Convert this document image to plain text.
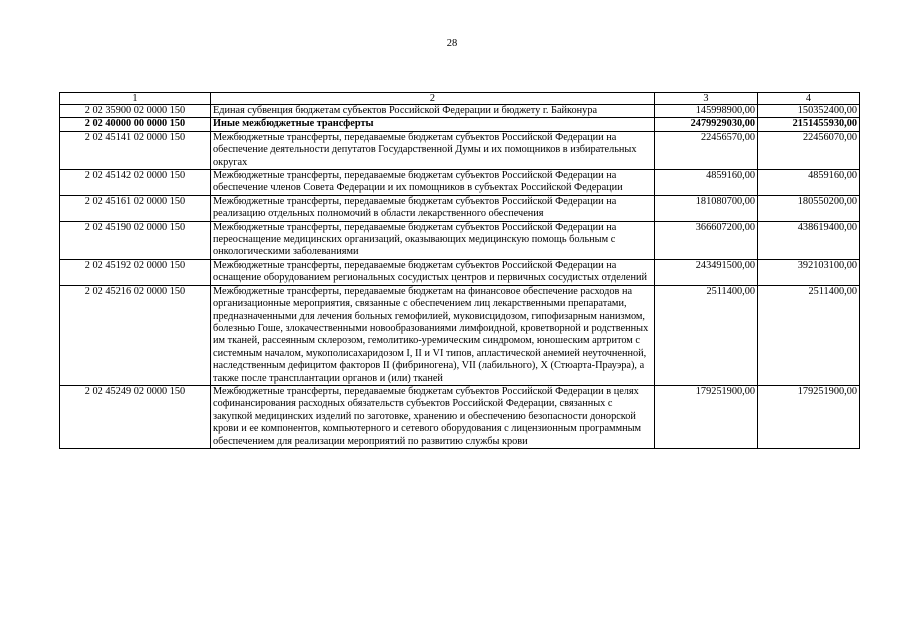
28
1	2	3	4
2 02 35900 02 0000 150	Единая субвенция бюджетам субъектов Российской Федерации и бюджету г. Байконура	145998900,00	150352400,00
2 02 40000 00 0000 150	Иные межбюджетные трансферты	2479929030,00	2151455930,00
2 02 45141 02 0000 150	Межбюджетные трансферты, передаваемые бюджетам субъектов Российской Федерации на обеспечение деятельности депутатов Государственной Думы и их помощников в избирательных округах	22456570,00	22456070,00
2 02 45142 02 0000 150	Межбюджетные трансферты, передаваемые бюджетам субъектов Российской Федерации на обеспечение членов Совета Федерации и их помощников в субъектах Российской Федерации	4859160,00	4859160,00
2 02 45161 02 0000 150	Межбюджетные трансферты, передаваемые бюджетам субъектов Российской Федерации на реализацию отдельных полномочий в области лекарственного обеспечения	181080700,00	180550200,00
2 02 45190 02 0000 150	Межбюджетные трансферты, передаваемые бюджетам субъектов Российской Федерации на переоснащение медицинских организаций, оказывающих медицинскую помощь больным с онкологическими заболеваниями	366607200,00	438619400,00
2 02 45192 02 0000 150	Межбюджетные трансферты, передаваемые бюджетам субъектов Российской Федерации на оснащение оборудованием региональных сосудистых центров и первичных сосудистых отделений	243491500,00	392103100,00
2 02 45216 02 0000 150	Межбюджетные трансферты, передаваемые бюджетам на финансовое обеспечение расходов на организационные мероприятия, связанные с обеспечением лиц лекарственными препаратами, предназначенными для лечения больных гемофилией, муковисцидозом, гипофизарным нанизмом, болезнью Гоше, злокачественными новообразованиями лимфоидной, кроветворной и родственных им тканей, рассеянным склерозом, гемолитико-уремическим синдромом, юношеским артритом с системным началом, мукополисахаридозом I, II и VI типов, апластической анемией неуточненной, наследственным дефицитом факторов II (фибриногена), VII (лабильного), X (Стюарта-Прауэра), а также после трансплантации органов и (или) тканей	2511400,00	2511400,00
2 02 45249 02 0000 150	Межбюджетные трансферты, передаваемые бюджетам субъектов Российской Федерации в целях софинансирования расходных обязательств субъектов Российской Федерации, связанных с закупкой медицинских изделий по заготовке, хранению и обеспечению безопасности донорской крови и ее компонентов, компьютерного и сетевого оборудования с лицензионным программным обеспечением для реализации мероприятий по развитию службы крови	179251900,00	179251900,00
